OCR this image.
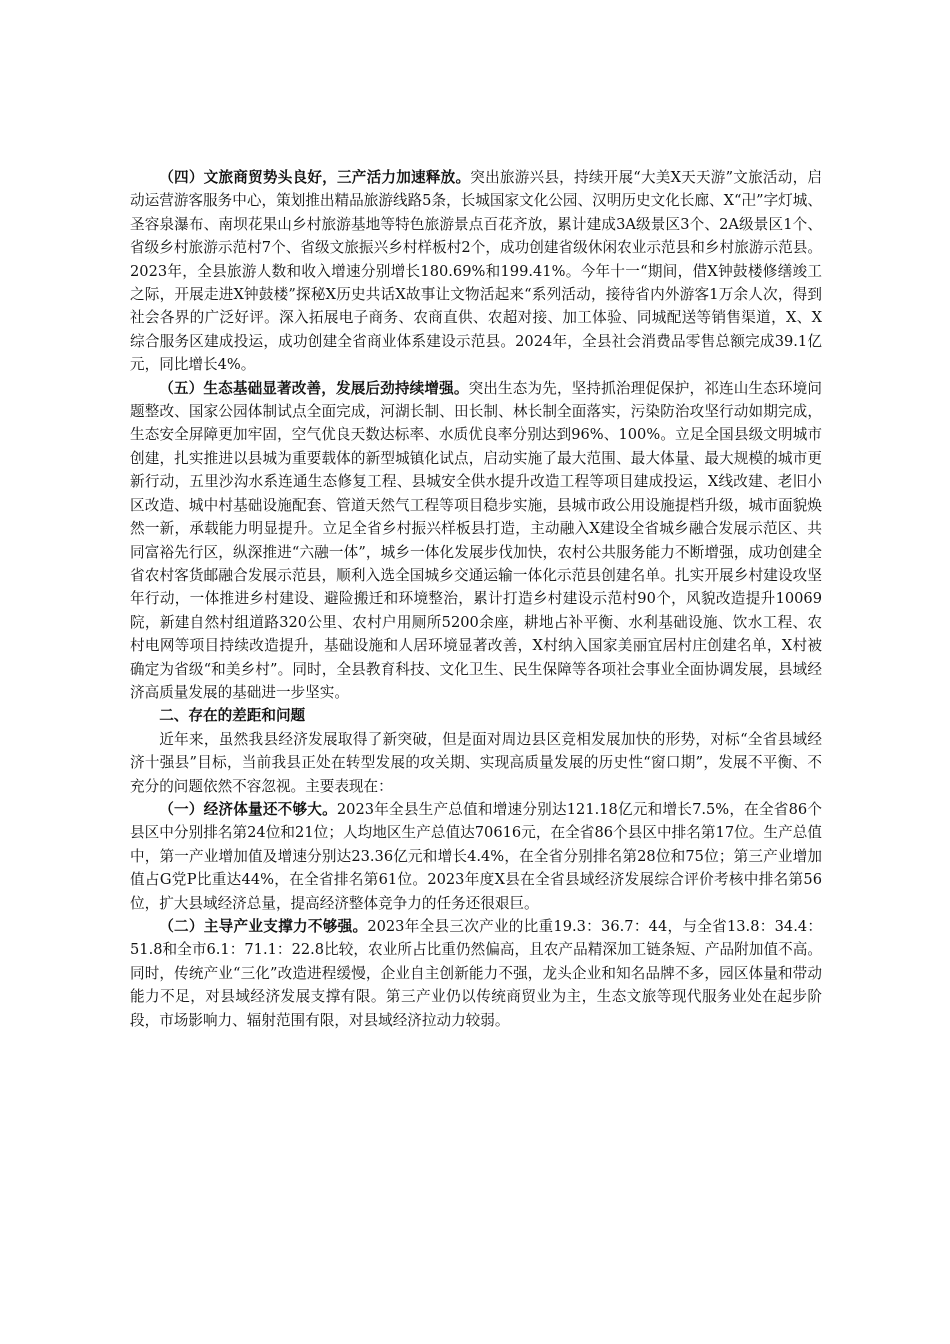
（四）文旅商贸势头良好，三产活力加速释放。突出旅游兴县，持续开展“大美X天天游”文旅活动，启动运营游客服务中心，策划推出精品旅游线路5条，长城国家文化公园、汉明历史文化长廊、X“卍”字灯城、圣容泉瀑布、南坝花果山乡村旅游基地等特色旅游景点百花齐放，累计建成3A级景区3个、2A级景区1个、省级乡村旅游示范村7个、省级文旅振兴乡村样板村2个，成功创建省级休闲农业示范县和乡村旅游示范县。2023年，全县旅游人数和收入增速分别增长180.69%和199.41%。今年十一“期间，借X钟鼓楼修缮竣工之际，开展走进X钟鼓楼”探秘X历史共话X故事让文物活起来“系列活动，接待省内外游客1万余人次，得到社会各界的广泛好评。深入拓展电子商务、农商直供、农超对接、加工体验、同城配送等销售渠道，X、X综合服务区建成投运，成功创建全省商业体系建设示范县。2024年，全县社会消费品零售总额完成39.1亿元，同比增长4%。

（五）生态基础显著改善，发展后劲持续增强。突出生态为先，坚持抓治理促保护，祁连山生态环境问题整改、国家公园体制试点全面完成，河湖长制、田长制、林长制全面落实，污染防治攻坚行动如期完成，生态安全屏障更加牢固，空气优良天数达标率、水质优良率分别达到96%、100%。立足全国县级文明城市创建，扎实推进以县城为重要载体的新型城镇化试点，启动实施了最大范围、最大体量、最大规模的城市更新行动，五里沙沟水系连通生态修复工程、县城安全供水提升改造工程等项目建成投运，X线改建、老旧小区改造、城中村基础设施配套、管道天然气工程等项目稳步实施，县城市政公用设施提档升级，城市面貌焕然一新，承载能力明显提升。立足全省乡村振兴样板县打造，主动融入X建设全省城乡融合发展示范区、共同富裕先行区，纵深推进“六融一体”，城乡一体化发展步伐加快，农村公共服务能力不断增强，成功创建全省农村客货邮融合发展示范县，顺利入选全国城乡交通运输一体化示范县创建名单。扎实开展乡村建设攻坚年行动，一体推进乡村建设、避险搬迁和环境整治，累计打造乡村建设示范村90个，风貌改造提升10069院，新建自然村组道路320公里、农村户用厕所5200余座，耕地占补平衡、水利基础设施、饮水工程、农村电网等项目持续改造提升，基础设施和人居环境显著改善，X村纳入国家美丽宜居村庄创建名单，X村被确定为省级“和美乡村”。同时，全县教育科技、文化卫生、民生保障等各项社会事业全面协调发展，县域经济高质量发展的基础进一步坚实。

二、存在的差距和问题

近年来，虽然我县经济发展取得了新突破，但是面对周边县区竞相发展加快的形势，对标“全省县域经济十强县”目标，当前我县正处在转型发展的攻关期、实现高质量发展的历史性“窗口期”，发展不平衡、不充分的问题依然不容忽视。主要表现在：

（一）经济体量还不够大。2023年全县生产总值和增速分别达121.18亿元和增长7.5%，在全省86个县区中分别排名第24位和21位；人均地区生产总值达70616元，在全省86个县区中排名第17位。生产总值中，第一产业增加值及增速分别达23.36亿元和增长4.4%，在全省分别排名第28位和75位；第三产业增加值占G党P比重达44%，在全省排名第61位。2023年度X县在全省县域经济发展综合评价考核中排名第56位，扩大县域经济总量，提高经济整体竞争力的任务还很艰巨。

（二）主导产业支撑力不够强。2023年全县三次产业的比重19.3：36.7：44，与全省13.8：34.4：51.8和全市6.1：71.1：22.8比较，农业所占比重仍然偏高，且农产品精深加工链条短、产品附加值不高。同时，传统产业“三化”改造进程缓慢，企业自主创新能力不强，龙头企业和知名品牌不多，园区体量和带动能力不足，对县域经济发展支撑有限。第三产业仍以传统商贸业为主，生态文旅等现代服务业处在起步阶段，市场影响力、辐射范围有限，对县域经济拉动力较弱。
